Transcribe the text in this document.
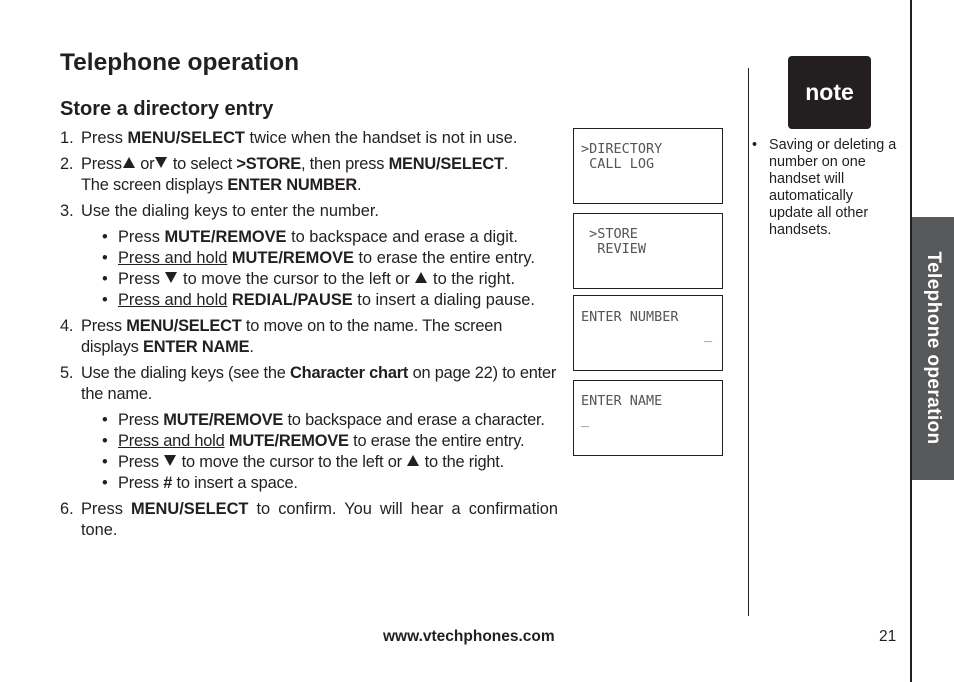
Telephone operation
Store a directory entry
1. Press MENU/SELECT twice when the handset is not in use.
2. Press or to select >STORE, then press MENU/SELECT.
The screen displays ENTER NUMBER.
3. Use the dialing keys to enter the number.
• Press MUTE/REMOVE to backspace and erase a digit.
• Press and hold MUTE/REMOVE to erase the entire entry.
• Press to move the cursor to the left or to the right.
• Press and hold REDIAL/PAUSE to insert a dialing pause.
4. Press MENU/SELECT to move on to the name. The screen displays ENTER NAME.
5. Use the dialing keys (see the Character chart on page 22) to enter the name.
• Press MUTE/REMOVE to backspace and erase a character.
• Press and hold MUTE/REMOVE to erase the entire entry.
• Press to move the cursor to the left or to the right.
• Press # to insert a space.
6. Press MENU/SELECT to confirm. You will hear a confirmation tone.
>DIRECTORY
CALL LOG
>STORE
REVIEW
ENTER NUMBER
_
ENTER NAME
_
note
• Saving or deleting a number on one handset will automatically update all other handsets.
Telephone operation
www.vtechphones.com	21
